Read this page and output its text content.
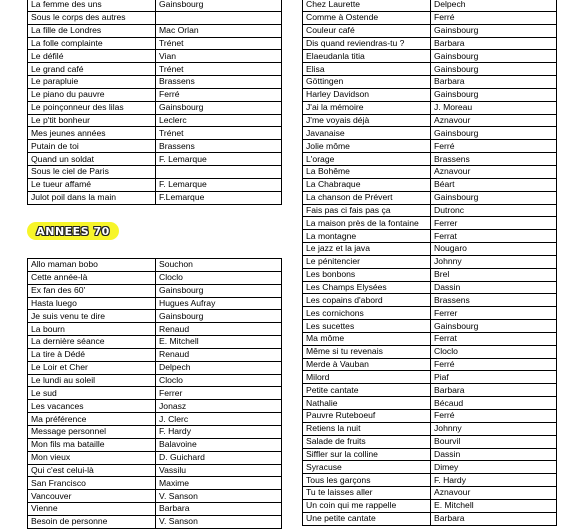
La femme des uns	Gainsbourg
Sous le corps des autres	
La fille de Londres	Mac Orlan
La folle complainte	Trénet
Le défilé	Vian
Le grand café	Trénet
Le parapluie	Brassens
Le piano du pauvre	Ferré
Le poinçonneur des lilas	Gainsbourg
Le p'tit bonheur	Leclerc
Mes jeunes années	Trénet
Putain de toi	Brassens
Quand un soldat	F. Lemarque
Sous le ciel de Paris	
Le tueur affamé	F. Lemarque
Julot poil dans la main	F.Lemarque
ANNEES 70
Allo maman bobo	Souchon
Cette année-là	Cloclo
Ex fan des 60'	Gainsbourg
Hasta luego	Hugues Aufray
Je suis venu te dire	Gainsbourg
La bourn	Renaud
La dernière séance	E. Mitchell
La tire à Dédé	Renaud
Le Loir et Cher	Delpech
Le lundi au soleil	Cloclo
Le sud	Ferrer
Les vacances	Jonasz
Ma préférence	J. Clerc
Message personnel	F. Hardy
Mon fils ma bataille	Balavoine
Mon vieux	D. Guichard
Qui c'est celui-là	Vassilu
San Francisco	Maxime
Vancouver	V. Sanson
Vienne	Barbara
Besoin de personne	V. Sanson
Chez Laurette	Delpech
Comme à Ostende	Ferré
Couleur café	Gainsbourg
Dis quand reviendras-tu ?	Barbara
Elaeudanla titia	Gainsbourg
Elisa	Gainsbourg
Göttingen	Barbara
Harley Davidson	Gainsbourg
J'ai la mémoire	J. Moreau
J'me voyais déjà	Aznavour
Javanaise	Gainsbourg
Jolie môme	Ferré
L'orage	Brassens
La Bohême	Aznavour
La Chabraque	Béart
La chanson de Prévert	Gainsbourg
Fais pas ci fais pas ça	Dutronc
La maison près de la fontaine	Ferrer
La montagne	Ferrat
Le jazz et la java	Nougaro
Le pénitencier	Johnny
Les bonbons	Brel
Les Champs Elysées	Dassin
Les copains d'abord	Brassens
Les cornichons	Ferrer
Les sucettes	Gainsbourg
Ma môme	Ferrat
Même si tu revenais	Cloclo
Merde à Vauban	Ferré
Milord	Piaf
Petite cantate	Barbara
Nathalie	Bécaud
Pauvre Ruteboeuf	Ferré
Retiens la nuit	Johnny
Salade de fruits	Bourvil
Siffler sur la colline	Dassin
Syracuse	Dimey
Tous les garçons	F. Hardy
Tu te laisses aller	Aznavour
Un coin qui me rappelle	E. Mitchell
Une petite cantate	Barbara
